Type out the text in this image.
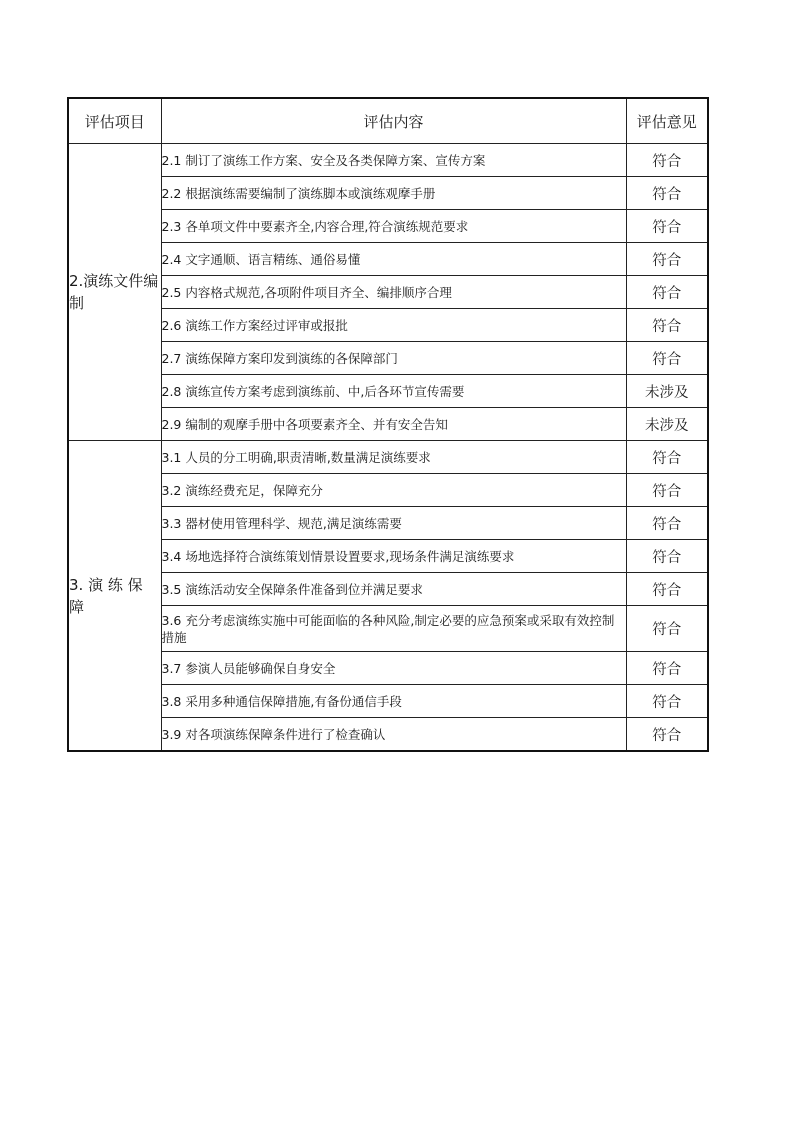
评估项目	评估内容	评估意见
2.演练文件编制	2.1 制订了演练工作方案、安全及各类保障方案、宣传方案	符合
	2.2 根据演练需要编制了演练脚本或演练观摩手册	符合
	2.3 各单项文件中要素齐全,内容合理,符合演练规范要求	符合
	2.4 文字通顺、语言精练、通俗易懂	符合
	2.5 内容格式规范,各项附件项目齐全、编排顺序合理	符合
	2.6 演练工作方案经过评审或报批	符合
	2.7 演练保障方案印发到演练的各保障部门	符合
	2.8 演练宣传方案考虑到演练前、中,后各环节宣传需要	未涉及
	2.9 编制的观摩手册中各项要素齐全、并有安全告知	未涉及
3. 演 练 保 障	3.1 人员的分工明确,职责清晰,数量满足演练要求	符合
	3.2 演练经费充足，保障充分	符合
	3.3 器材使用管理科学、规范,满足演练需要	符合
	3.4 场地选择符合演练策划情景设置要求,现场条件满足演练要求	符合
	3.5 演练活动安全保障条件准备到位并满足要求	符合
	3.6 充分考虑演练实施中可能面临的各种风险,制定必要的应急预案或采取有效控制措施	符合
	3.7 参演人员能够确保自身安全	符合
	3.8 采用多种通信保障措施,有备份通信手段	符合
	3.9 对各项演练保障条件进行了检查确认	符合
